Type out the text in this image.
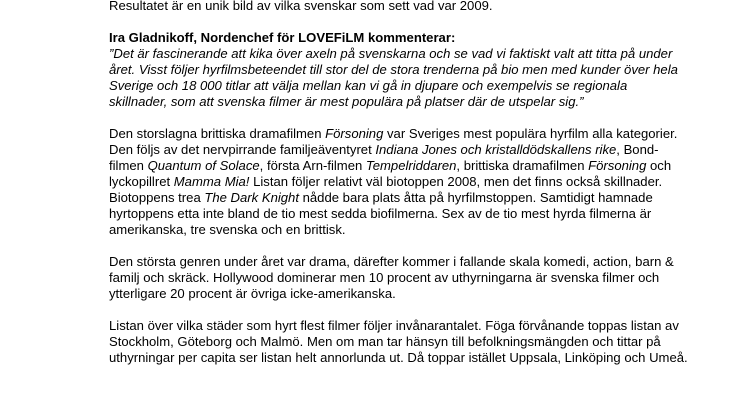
Resultatet är en unik bild av vilka svenskar som sett vad var 2009.

Ira Gladnikoff, Nordenchef för LOVEFiLM kommenterar:
”Det är fascinerande att kika över axeln på svenskarna och se vad vi faktiskt valt att titta på under året. Visst följer hyrfilmsbeteendet till stor del de stora trenderna på bio men med kunder över hela Sverige och 18 000 titlar att välja mellan kan vi gå in djupare och exempelvis se regionala skillnader, som att svenska filmer är mest populära på platser där de utspelar sig.”

Den storslagna brittiska dramafilmen Försoning var Sveriges mest populära hyrfilm alla kategorier. Den följs av det nervpirrande familjeäventyret Indiana Jones och kristalldödskallens rike, Bond-filmen Quantum of Solace, första Arn-filmen Tempelriddaren, brittiska dramafilmen Försoning och lyckopillret Mamma Mia! Listan följer relativt väl biotoppen 2008, men det finns också skillnader. Biotoppens trea The Dark Knight nådde bara plats åtta på hyrfilmstoppen. Samtidigt hamnade hyrtoppens etta inte bland de tio mest sedda biofilmerna. Sex av de tio mest hyrda filmerna är amerikanska, tre svenska och en brittisk.

Den största genren under året var drama, därefter kommer i fallande skala komedi, action, barn & familj och skräck. Hollywood dominerar men 10 procent av uthyrningarna är svenska filmer och ytterligare 20 procent är övriga icke-amerikanska.

Listan över vilka städer som hyrt flest filmer följer invånarantalet. Föga förvånande toppas listan av Stockholm, Göteborg och Malmö. Men om man tar hänsyn till befolkningsmängden och tittar på uthyrningar per capita ser listan helt annorlunda ut. Då toppar istället Uppsala, Linköping och Umeå.
